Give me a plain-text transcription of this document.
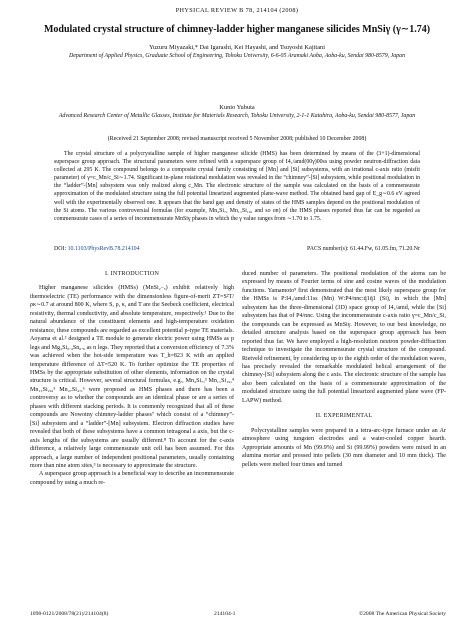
PHYSICAL REVIEW B 78, 214104 (2008)
Modulated crystal structure of chimney-ladder higher manganese silicides MnSiγ (γ∼1.74)
Yuzuru Miyazaki,* Dai Igarashi, Kei Hayashi, and Tsuyoshi Kajitani
Department of Applied Physics, Graduate School of Engineering, Tohoku University, 6-6-05 Aramaki Aoba, Aoba-ku, Sendai 980-8579, Japan
Kunio Yubuta
Advanced Research Center of Metallic Glasses, Institute for Materials Research, Tohoku University, 2-1-1 Katahira, Aoba-ku, Sendai 980-8577, Japan
(Received 21 September 2008; revised manuscript received 5 November 2008; published 10 December 2008)
The crystal structure of a polycrystalline sample of higher manganese silicide (HMS) has been determined by means of the (3+1)-dimensional superspace group approach. The structural parameters were refined with a superspace group of I4₁/amd(00γ)00ss using powder neutron-diffraction data collected at 295 K. The compound belongs to a composite crystal family consisting of [Mn] and [Si] subsystems, with an irrational c-axis ratio (misfit parameter) of γ=c_Mn/c_Si∼1.74. Significant in-plane rotational modulation was revealed in the “chimney”-[Si] subsystem, while positional modulation in the “ladder”-[Mn] subsystem was only realized along c_Mn. The electronic structure of the sample was calculated on the basis of a commensurate approximation of the modulated structure using the full potential linearized augmented plane-wave method. The obtained band gap of E_g∼0.6 eV agreed well with the experimentally observed one. It appears that the band gap and density of states of the HMS samples depend on the positional modulation of the Si atoms. The various controversial formulas (for example, Mn₄Si₇, Mn₁₁Si₁₉, and so on) of the HMS phases reported thus far can be regarded as commensurate cases of a series of incommensurate MnSiγ phases in which the γ value ranges from ∼1.70 to 1.75.
DOI: 10.1103/PhysRevB.78.214104	PACS number(s): 61.44.Fw, 61.05.fm, 71.20.Nr
I. INTRODUCTION

Higher manganese silicides (HMSs) (MnSi₂₋ₓ) exhibit relatively high thermoelectric (TE) performance with the dimensionless figure-of-merit ZT=S²T/ρκ∼0.7 at around 800 K, where S, ρ, κ, and T are the Seebeck coefficient, electrical resistivity, thermal conductivity, and absolute temperature, respectively.¹ Due to the natural abundance of the constituent elements and high-temperature oxidation resistance, these compounds are regarded as excellent potential p-type TE materials. Aoyama et al.² designed a TE module to generate electric power using HMSs as p legs and Mg₂Si₀.₄Sn₀.₆ as n legs. They reported that a conversion efficiency of 7.3% was achieved when the hot-side temperature was T_h=823 K with an applied temperature difference of ΔT=520 K. To further optimize the TE properties of HMSs by the appropriate substitution of other elements, information on the crystal structure is critical. However, several structural formulas, e.g., Mn₄Si₇,³ Mn₁₁Si₁₉,⁴ Mn₁₅Si₂₆,⁵ Mn₂₇Si₄₇,⁶ were proposed as HMS phases and there has been a controversy as to whether the compounds are an identical phase or are a series of phases with different stacking periods. It is commonly recognized that all of these compounds are Nowotny chimney-ladder phases⁷ which consist of a “chimney”-[Si] subsystem and a “ladder”-[Mn] subsystem. Electron diffraction studies have revealed that both of these subsystems have a common tetragonal a axis, but the c-axis lengths of the subsystems are usually different.⁸ To account for the c-axis difference, a relatively large commensurate unit cell has been assumed. For this approach, a large number of independent positional parameters, usually containing more than nine atom sites,³ is necessary to approximate the structure.

A superspace group approach is a beneficial way to describe an incommensurate compound by using a much re-

duced number of parameters. The positional modulation of the atoms can be expressed by means of Fourier terms of sine and cosine waves of the modulation functions. Yamamoto⁹ first demonstrated that the most likely superspace group for the HMSs is P:I4₁/amd:11ss (Mn) W:P4/nnc:q̄1q̄1 (Si), in which the [Mn] subsystem has the three-dimensional (3D) space group of I4₁/amd, while the [Si] subsystem has that of P4/nnc. Using the incommensurate c-axis ratio γ=c_Mn/c_Si, the compounds can be expressed as MnSiγ. However, to our best knowledge, no detailed structure analysis based on the superspace group approach has been reported thus far. We have employed a high-resolution neutron powder-diffraction technique to investigate the incommensurate crystal structure of the compound. Rietveld refinement, by considering up to the eighth order of the modulation waves, has precisely revealed the remarkable modulated helical arrangement of the chimney-[Si] subsystem along the c axis. The electronic structure of the sample has also been calculated on the basis of a commensurate approximation of the modulated structure using the full potential linearized augmented plane wave (FP-LAPW) method.

II. EXPERIMENTAL

Polycrystalline samples were prepared in a tetra-arc-type furnace under an Ar atmosphere using tungsten electrodes and a water-cooled copper hearth. Appropriate amounts of Mn (99.9%) and Si (99.99%) powders were mixed in an alumina mortar and pressed into pellets (30 mm diameter and 10 mm thick). The pellets were melted four times and turned

1098-0121/2008/78(21)/214104(8)	214104-1	©2008 The American Physical Society
